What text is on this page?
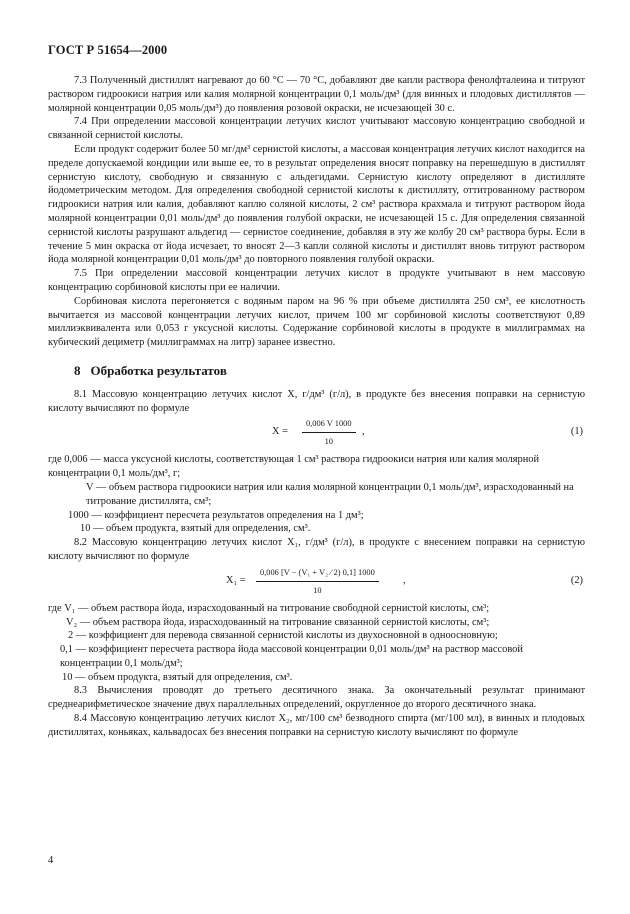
ГОСТ Р 51654—2000

7.3 Полученный дистиллят нагревают до 60 °С — 70 °С, добавляют две капли раствора фенолфталеина и титруют раствором гидроокиси натрия или калия молярной концентрации 0,1 моль/дм³ (для винных и плодовых дистиллятов — молярной концентрации 0,05 моль/дм³) до появления розовой окраски, не исчезающей 30 с.

7.4 При определении массовой концентрации летучих кислот учитывают массовую концентрацию свободной и связанной сернистой кислоты.

Если продукт содержит более 50 мг/дм³ сернистой кислоты, а массовая концентрация летучих кислот находится на пределе допускаемой кондиции или выше ее, то в результат определения вносят поправку на перешедшую в дистиллят сернистую кислоту, свободную и связанную с альдегидами. Сернистую кислоту определяют в дистилляте йодометрическим методом. Для определения свободной сернистой кислоты к дистилляту, оттитрованному раствором гидроокиси натрия или калия, добавляют каплю соляной кислоты, 2 см³ раствора крахмала и титруют раствором йода молярной концентрации 0,01 моль/дм³ до появления голубой окраски, не исчезающей 15 с. Для определения связанной сернистой кислоты разрушают альдегид — сернистое соединение, добавляя в эту же колбу 20 см³ раствора буры. Если в течение 5 мин окраска от йода исчезает, то вносят 2—3 капли соляной кислоты и дистиллят вновь титруют раствором йода молярной концентрации 0,01 моль/дм³ до повторного появления голубой окраски.

7.5 При определении массовой концентрации летучих кислот в продукте учитывают в нем массовую концентрацию сорбиновой кислоты при ее наличии.

Сорбиновая кислота перегоняется с водяным паром на 96 % при объеме дистиллята 250 см³, ее кислотность вычитается из массовой концентрации летучих кислот, причем 100 мг сорбиновой кислоты соответствуют 0,89 миллиэквивалента или 0,053 г уксусной кислоты. Содержание сорбиновой кислоты в продукте в миллиграммах на кубический дециметр (миллиграммах на литр) заранее известно.

8 Обработка результатов

8.1 Массовую концентрацию летучих кислот X, г/дм³ (г/л), в продукте без внесения поправки на сернистую кислоту вычисляют по формуле

$X = \frac{0,006 V 1000}{10}$ ,	(1)
где 0,006 — масса уксусной кислоты, соответствующая 1 см³ раствора гидроокиси натрия или калия молярной концентрации 0,1 моль/дм³, г;
V — объем раствора гидроокиси натрия или калия молярной концентрации 0,1 моль/дм³, израсходованный на титрование дистиллята, см³;
1000 — коэффициент пересчета результатов определения на 1 дм³;
10 — объем продукта, взятый для определения, см³.

8.2 Массовую концентрацию летучих кислот X₁, г/дм³ (г/л), в продукте с внесением поправки на сернистую кислоту вычисляют по формуле

$X_1 = \frac{\text{0,006 [V − (V₁ + V₂ ∕ 2) 0,1] 1000}}{10}$ ,	(2)
где V₁ — объем раствора йода, израсходованный на титрование свободной сернистой кислоты, см³;
V₂ — объем раствора йода, израсходованный на титрование связанной сернистой кислоты, см³;
2 — коэффициент для перевода связанной сернистой кислоты из двухосновной в одноосновную;
0,1 — коэффициент пересчета раствора йода массовой концентрации 0,01 моль/дм³ на раствор массовой концентрации 0,1 моль/дм³;
10 — объем продукта, взятый для определения, см³.

8.3 Вычисления проводят до третьего десятичного знака. За окончательный результат принимают среднеарифметическое значение двух параллельных определений, округленное до второго десятичного знака.

8.4 Массовую концентрацию летучих кислот X₂, мг/100 см³ безводного спирта (мг/100 мл), в винных и плодовых дистиллятах, коньяках, кальвадосах без внесения поправки на сернистую кислоту вычисляют по формуле

4
